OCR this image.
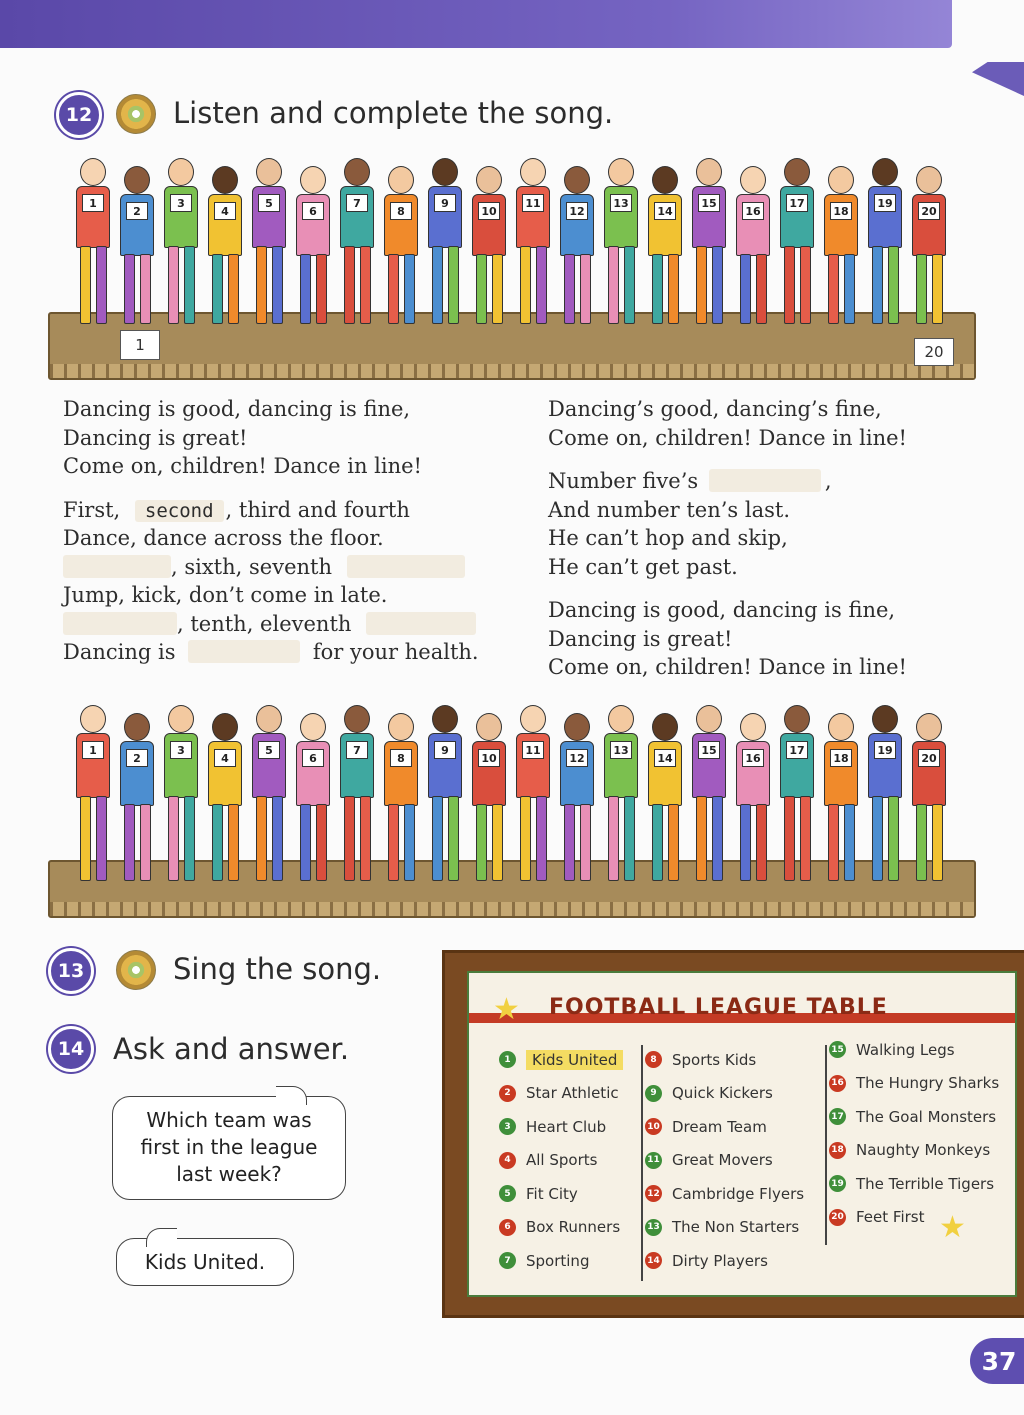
12	Listen and complete the song.
1
2
3
4
5
6
7
8
9
10
11
12
13
14
15
16
17
18
19
20
1	20
1
2
3
4
5
6
7
8
9
10
11
12
13
14
15
16
17
18
19
20
Dancing is good, dancing is fine,
Dancing is great!
Come on, children! Dance in line!
First, second , third and fourth
Dance, dance across the floor.
, sixth, seventh
Jump, kick, don’t come in late.
, tenth, eleventh
Dancing is	for your health.
Dancing’s good, dancing’s fine,
Come on, children! Dance in line!
Number five’s	,
And number ten’s last.
He can’t hop and skip,
He can’t get past.
Dancing is good, dancing is fine,
Dancing is great!
Come on, children! Dance in line!
13	Sing the song.
14 Ask and answer.
Which team was first in the league last week?
Kids United.
★ FOOTBALL LEAGUE TABLE
1	Kids United
2	Star Athletic
3	Heart Club
4	All Sports
5	Fit City
6	Box Runners
7	Sporting
8	Sports Kids
9	Quick Kickers
10 Dream Team
11 Great Movers
12 Cambridge Flyers
13 The Non Starters
14 Dirty Players
15 Walking Legs
16 The Hungry Sharks
17 The Goal Monsters
18 Naughty Monkeys
19 The Terrible Tigers
20 Feet First ★
37
